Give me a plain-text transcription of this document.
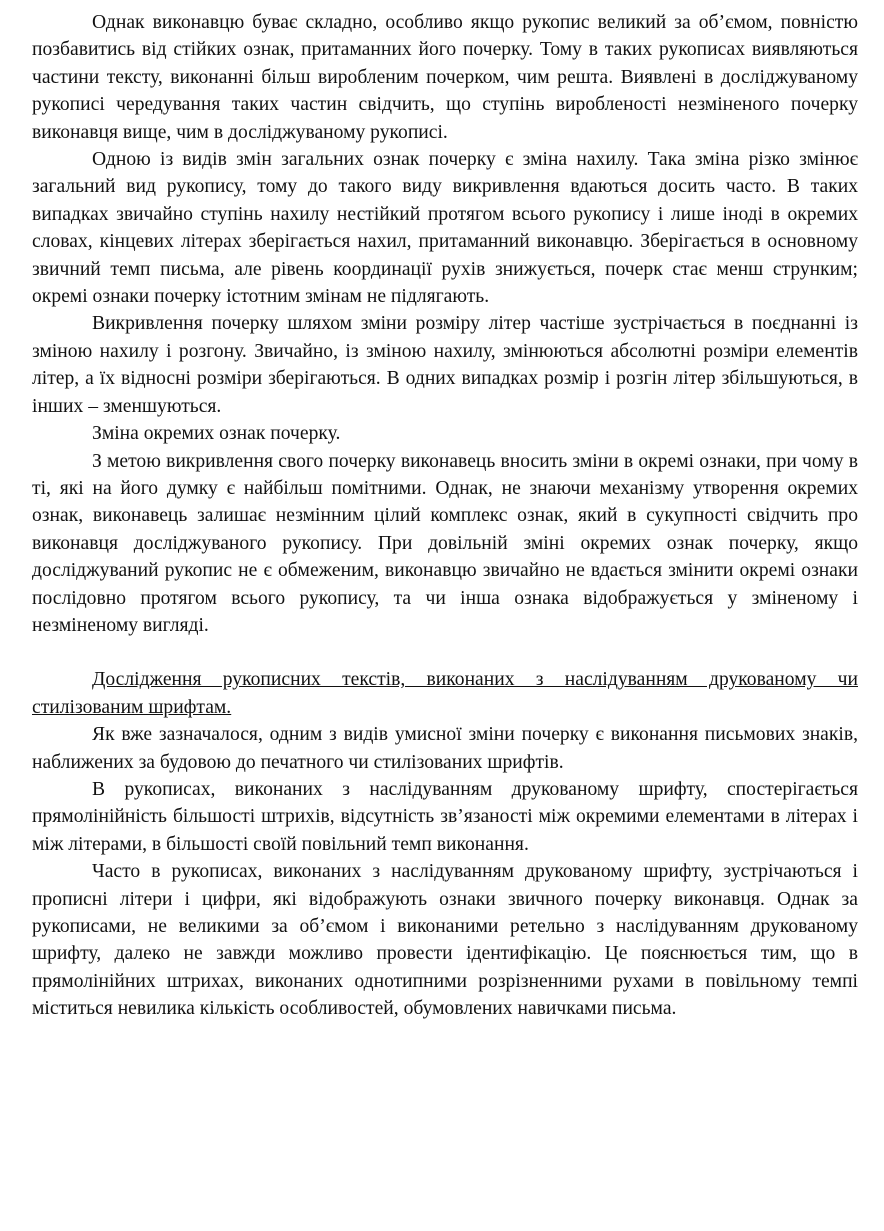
Однак виконавцю буває складно, особливо якщо рукопис великий за об’ємом, повністю позбавитись від стійких ознак, притаманних його почерку. Тому в таких рукописах виявляються частини тексту, виконанні більш виробленим почерком, чим решта. Виявлені в досліджуваному рукописі чередування таких частин свідчить, що ступінь виробленості незміненого почерку виконавця вище, чим в досліджуваному рукописі.

Одною із видів змін загальних ознак почерку є зміна нахилу. Така зміна різко змінює загальний вид рукопису, тому до такого виду викривлення вдаються досить часто. В таких випадках звичайно ступінь нахилу нестійкий протягом всього рукопису і лише іноді в окремих словах, кінцевих літерах зберігається нахил, притаманний виконавцю. Зберігається в основному звичний темп письма, але рівень координації рухів знижується, почерк стає менш струнким; окремі ознаки почерку істотним змінам не підлягають.

Викривлення почерку шляхом зміни розміру літер частіше зустрічається в поєднанні із зміною нахилу і розгону. Звичайно, із зміною нахилу, змінюються абсолютні розміри елементів літер, а їх відносні розміри зберігаються. В одних випадках розмір і розгін літер збільшуються, в інших – зменшуються.

Зміна окремих ознак почерку.

З метою викривлення свого почерку виконавець вносить зміни в окремі ознаки, при чому в ті, які на його думку є найбільш помітними. Однак, не знаючи механізму утворення окремих ознак, виконавець залишає незмінним цілий комплекс ознак, який в сукупності свідчить про виконавця досліджуваного рукопису. При довільній зміні окремих ознак почерку, якщо досліджуваний рукопис не є обмеженим, виконавцю звичайно не вдається змінити окремі ознаки послідовно протягом всього рукопису, та чи інша ознака відображується у зміненому і незміненому вигляді.

Дослідження рукописних текстів, виконаних з наслідуванням друкованому чи стилізованим шрифтам.

Як вже зазначалося, одним з видів умисної зміни почерку є виконання письмових знаків, наближених за будовою до печатного чи стилізованих шрифтів.

В рукописах, виконаних з наслідуванням друкованому шрифту, спостерігається прямолінійність більшості штрихів, відсутність зв’язаності між окремими елементами в літерах і між літерами, в більшості своїй повільний темп виконання.

Часто в рукописах, виконаних з наслідуванням друкованому шрифту, зустрічаються і прописні літери і цифри, які відображують ознаки звичного почерку виконавця. Однак за рукописами, не великими за об’ємом і виконаними ретельно з наслідуванням друкованому шрифту, далеко не завжди можливо провести ідентифікацію. Це пояснюється тим, що в прямолінійних штрихах, виконаних однотипними розрізненними рухами в повільному темпі міститься невилика кількість особливостей, обумовлених навичками письма.
